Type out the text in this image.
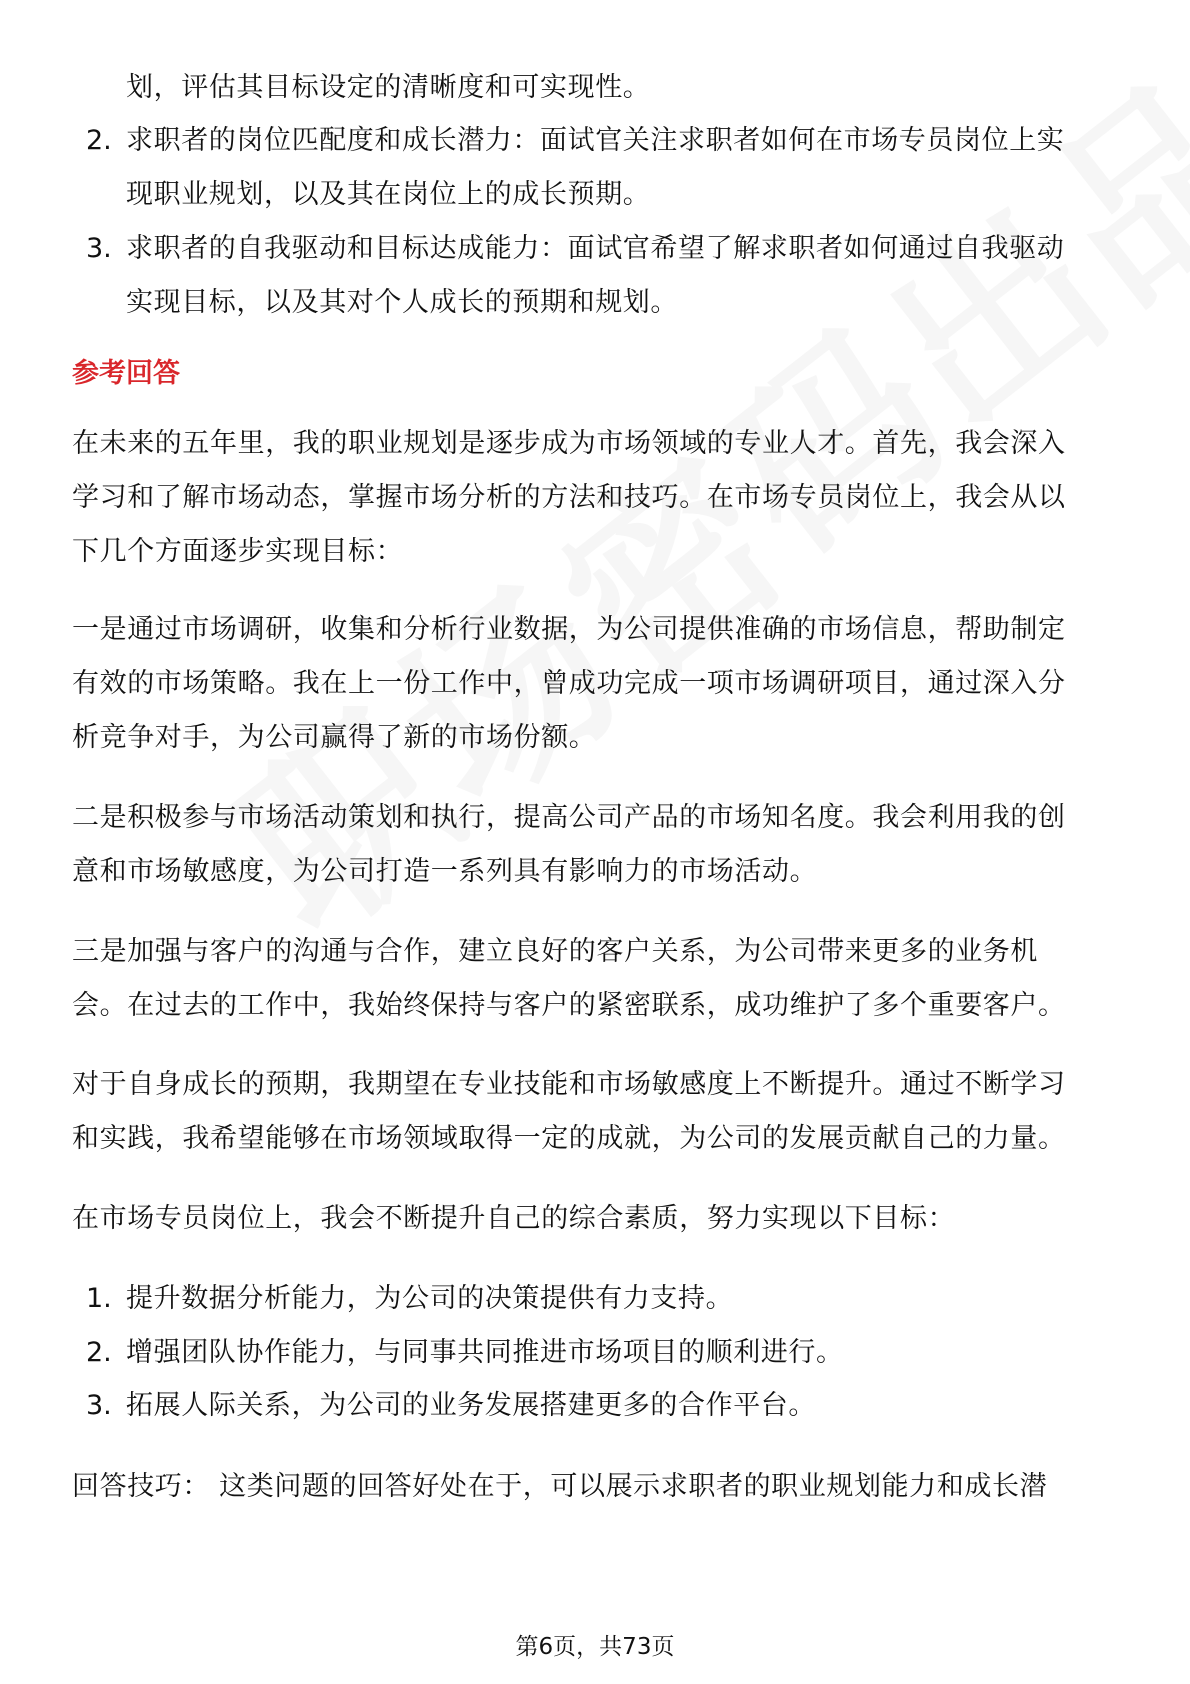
划，评估其目标设定的清晰度和可实现性。
2. 求职者的岗位匹配度和成长潜力：面试官关注求职者如何在市场专员岗位上实
现职业规划，以及其在岗位上的成长预期。
3. 求职者的自我驱动和目标达成能力：面试官希望了解求职者如何通过自我驱动
实现目标，以及其对个人成长的预期和规划。
参考回答
在未来的五年里，我的职业规划是逐步成为市场领域的专业人才。首先，我会深入
学习和了解市场动态，掌握市场分析的方法和技巧。在市场专员岗位上，我会从以
下几个方面逐步实现目标：
一是通过市场调研，收集和分析行业数据，为公司提供准确的市场信息，帮助制定
有效的市场策略。我在上一份工作中，曾成功完成一项市场调研项目，通过深入分
析竞争对手，为公司赢得了新的市场份额。
二是积极参与市场活动策划和执行，提高公司产品的市场知名度。我会利用我的创
意和市场敏感度，为公司打造一系列具有影响力的市场活动。
三是加强与客户的沟通与合作，建立良好的客户关系，为公司带来更多的业务机
会。在过去的工作中，我始终保持与客户的紧密联系，成功维护了多个重要客户。
对于自身成长的预期，我期望在专业技能和市场敏感度上不断提升。通过不断学习
和实践，我希望能够在市场领域取得一定的成就，为公司的发展贡献自己的力量。
在市场专员岗位上，我会不断提升自己的综合素质，努力实现以下目标：
1. 提升数据分析能力，为公司的决策提供有力支持。
2. 增强团队协作能力，与同事共同推进市场项目的顺利进行。
3. 拓展人际关系，为公司的业务发展搭建更多的合作平台。
回答技巧： 这类问题的回答好处在于，可以展示求职者的职业规划能力和成长潜
第6页，共73页
